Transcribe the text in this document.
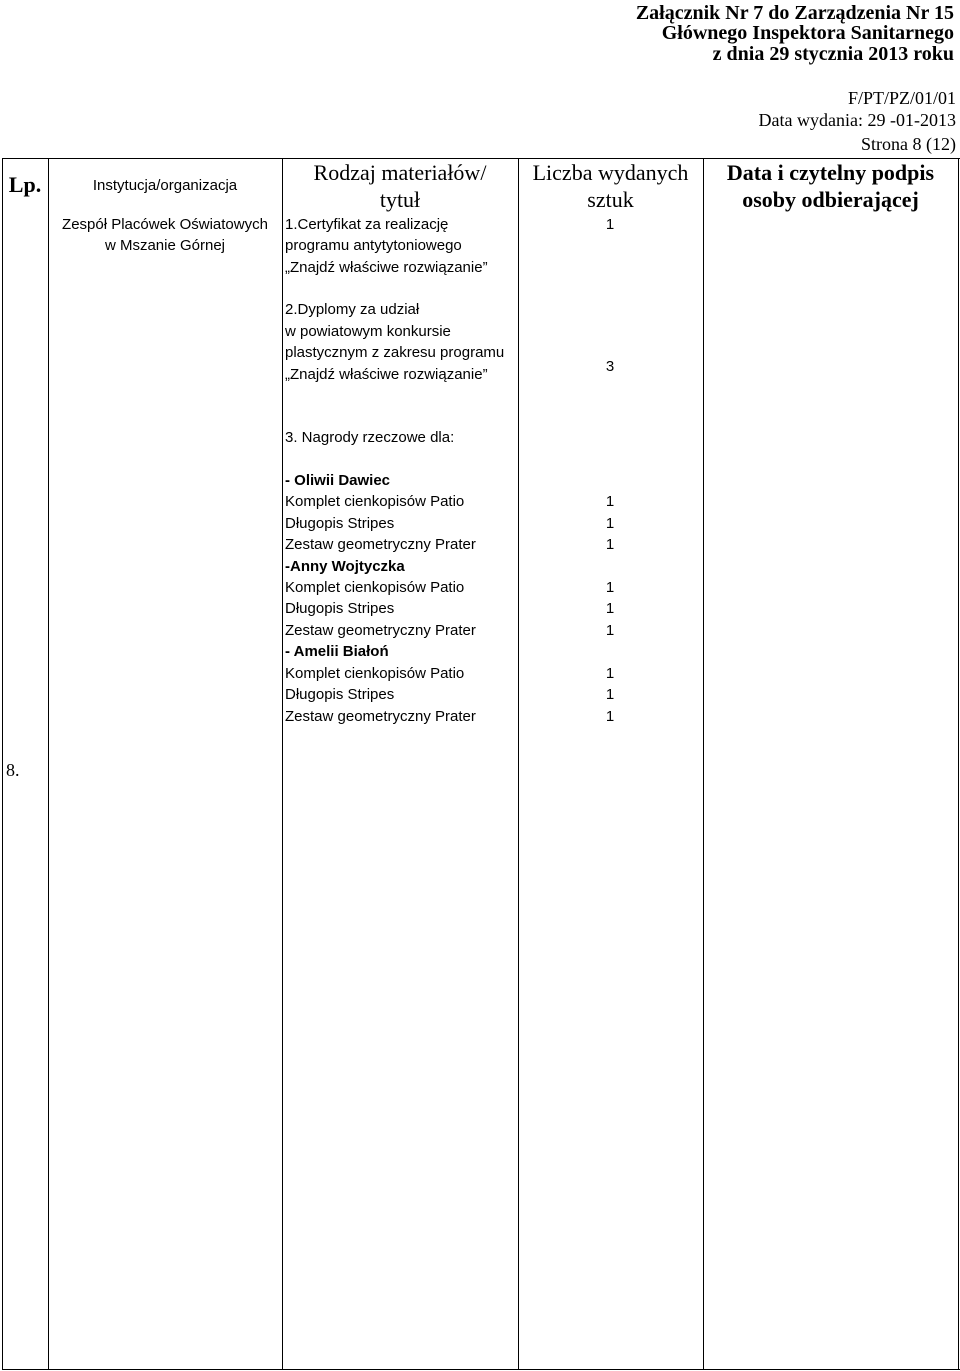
Załącznik Nr 7 do Zarządzenia Nr 15
Głównego Inspektora Sanitarnego
z dnia 29 stycznia 2013 roku
F/PT/PZ/01/01
Data wydania: 29 -01-2013
Strona 8 (12)
Lp.	Instytucja/organizacja
Rodzaj materiałów/
tytuł
Liczba wydanych
sztuk
Data i czytelny podpis
osoby odbierającej
8.
Zespół Placówek Oświatowych
w Mszanie Górnej
1.Certyfikat za realizację
programu antytytoniowego
„Znajdź właściwe rozwiązanie”
2.Dyplomy za udział
w powiatowym konkursie
plastycznym z zakresu programu
„Znajdź właściwe rozwiązanie”
3. Nagrody rzeczowe dla:
- Oliwii Dawiec
Komplet cienkopisów Patio
Długopis Stripes
Zestaw geometryczny Prater
-Anny Wojtyczka
Komplet cienkopisów Patio
Długopis Stripes
Zestaw geometryczny Prater
- Amelii Białoń
Komplet cienkopisów Patio
Długopis Stripes
Zestaw geometryczny Prater
1
3
1
1
1
1
1
1
1
1
1
